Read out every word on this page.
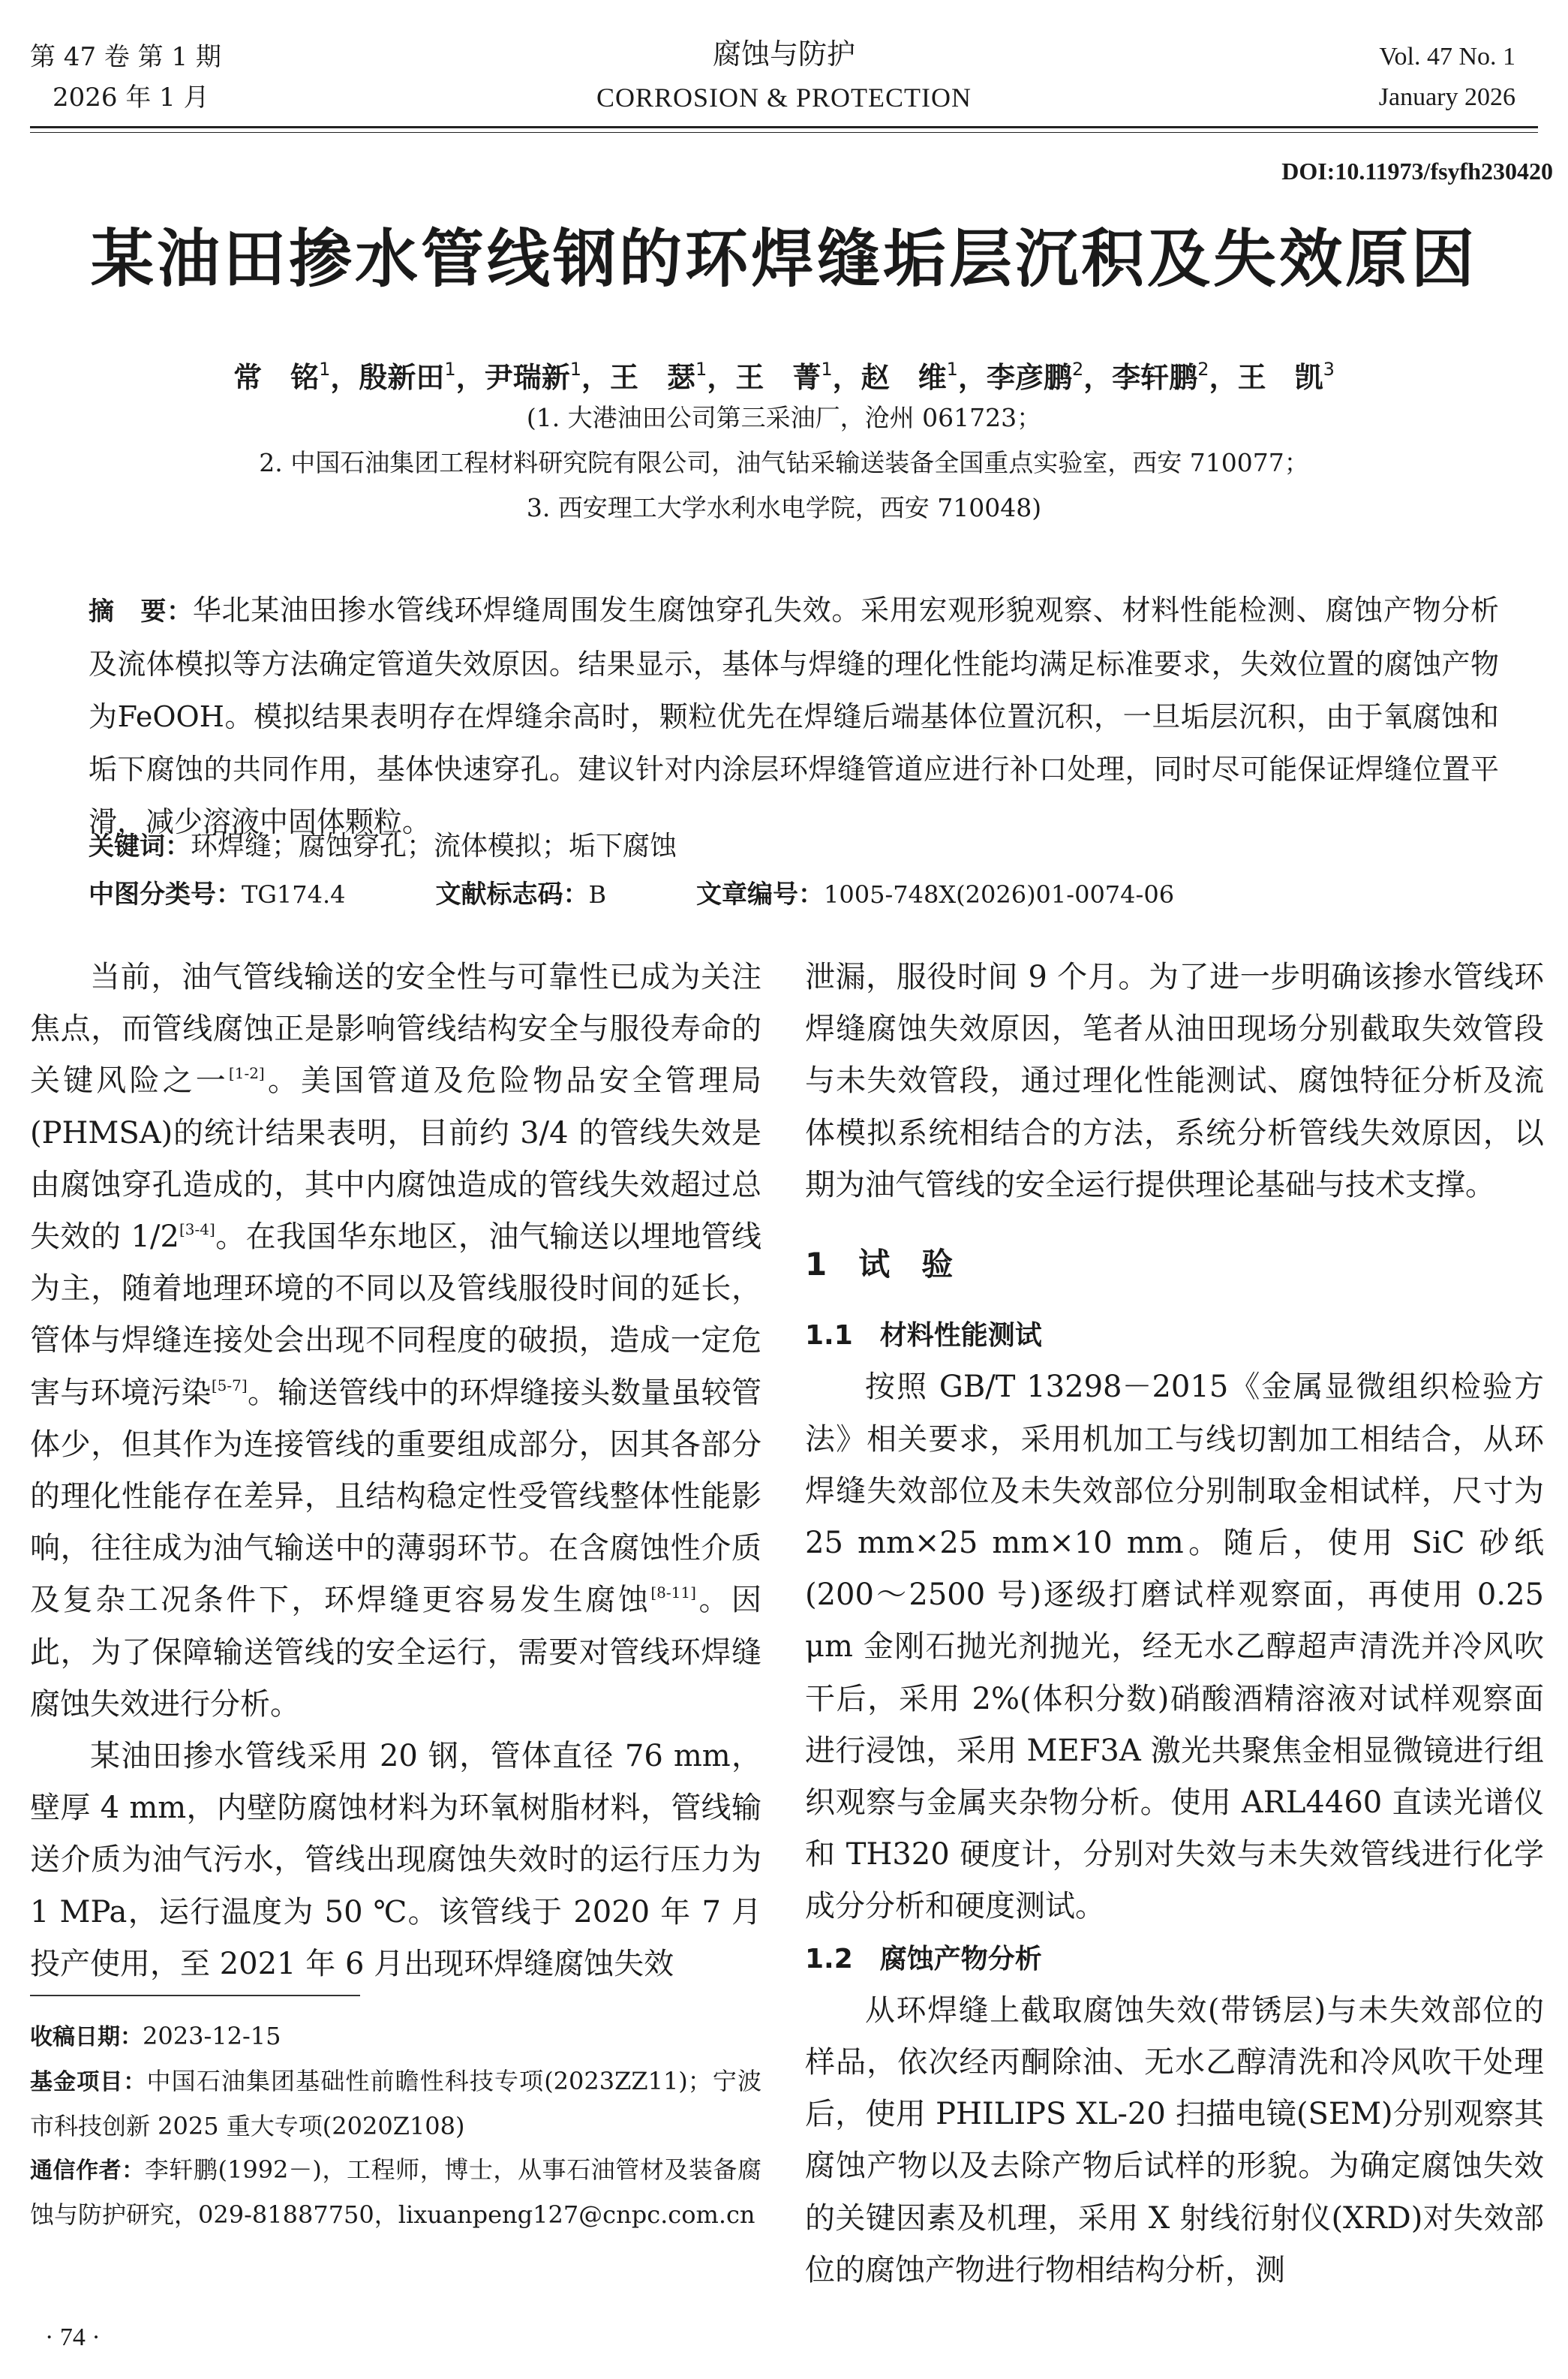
第 47 卷 第 1 期
2026 年 1 月
腐蚀与防护
CORROSION & PROTECTION
Vol. 47 No. 1
January 2026
DOI:10.11973/fsyfh230420
某油田掺水管线钢的环焊缝垢层沉积及失效原因
常　铭$^1$，殷新田$^1$，尹瑞新$^1$，王　瑟$^1$，王　菁$^1$，赵　维$^1$，李彦鹏$^2$，李轩鹏$^2$，王　凯$^3$
(1. 大港油田公司第三采油厂，沧州 061723；
2. 中国石油集团工程材料研究院有限公司，油气钻采输送装备全国重点实验室，西安 710077；
3. 西安理工大学水利水电学院，西安 710048)
摘　要：华北某油田掺水管线环焊缝周围发生腐蚀穿孔失效。采用宏观形貌观察、材料性能检测、腐蚀产物分析及流体模拟等方法确定管道失效原因。结果显示，基体与焊缝的理化性能均满足标准要求，失效位置的腐蚀产物为FeOOH。模拟结果表明存在焊缝余高时，颗粒优先在焊缝后端基体位置沉积，一旦垢层沉积，由于氧腐蚀和垢下腐蚀的共同作用，基体快速穿孔。建议针对内涂层环焊缝管道应进行补口处理，同时尽可能保证焊缝位置平滑，减少溶液中固体颗粒。
关键词：环焊缝；腐蚀穿孔；流体模拟；垢下腐蚀
中图分类号：TG174.4	文献标志码：B	文章编号：1005-748X(2026)01-0074-06

当前，油气管线输送的安全性与可靠性已成为关注焦点，而管线腐蚀正是影响管线结构安全与服役寿命的关键风险之一[1-2]。美国管道及危险物品安全管理局(PHMSA)的统计结果表明，目前约 3/4 的管线失效是由腐蚀穿孔造成的，其中内腐蚀造成的管线失效超过总失效的 1/2[3-4]。在我国华东地区，油气输送以埋地管线为主，随着地理环境的不同以及管线服役时间的延长，管体与焊缝连接处会出现不同程度的破损，造成一定危害与环境污染[5-7]。输送管线中的环焊缝接头数量虽较管体少，但其作为连接管线的重要组成部分，因其各部分的理化性能存在差异，且结构稳定性受管线整体性能影响，往往成为油气输送中的薄弱环节。在含腐蚀性介质及复杂工况条件下，环焊缝更容易发生腐蚀[8-11]。因此，为了保障输送管线的安全运行，需要对管线环焊缝腐蚀失效进行分析。

某油田掺水管线采用 20 钢，管体直径 76 mm，壁厚 4 mm，内壁防腐蚀材料为环氧树脂材料，管线输送介质为油气污水，管线出现腐蚀失效时的运行压力为 1 MPa，运行温度为 50 ℃。该管线于 2020 年 7 月投产使用，至 2021 年 6 月出现环焊缝腐蚀失效

泄漏，服役时间 9 个月。为了进一步明确该掺水管线环焊缝腐蚀失效原因，笔者从油田现场分别截取失效管段与未失效管段，通过理化性能测试、腐蚀特征分析及流体模拟系统相结合的方法，系统分析管线失效原因，以期为油气管线的安全运行提供理论基础与技术支撑。

1　试　验
1.1　材料性能测试

按照 GB/T 13298－2015《金属显微组织检验方法》相关要求，采用机加工与线切割加工相结合，从环焊缝失效部位及未失效部位分别制取金相试样，尺寸为 25 mm×25 mm×10 mm。随后，使用 SiC 砂纸(200～2500 号)逐级打磨试样观察面，再使用 0.25 μm 金刚石抛光剂抛光，经无水乙醇超声清洗并冷风吹干后，采用 2%(体积分数)硝酸酒精溶液对试样观察面进行浸蚀，采用 MEF3A 激光共聚焦金相显微镜进行组织观察与金属夹杂物分析。使用 ARL4460 直读光谱仪和 TH320 硬度计，分别对失效与未失效管线进行化学成分分析和硬度测试。

1.2　腐蚀产物分析

从环焊缝上截取腐蚀失效(带锈层)与未失效部位的样品，依次经丙酮除油、无水乙醇清洗和冷风吹干处理后，使用 PHILIPS XL-20 扫描电镜(SEM)分别观察其腐蚀产物以及去除产物后试样的形貌。为确定腐蚀失效的关键因素及机理，采用 X 射线衍射仪(XRD)对失效部位的腐蚀产物进行物相结构分析，测

收稿日期：2023-12-15

基金项目：中国石油集团基础性前瞻性科技专项(2023ZZ11)；宁波市科技创新 2025 重大专项(2020Z108)

通信作者：李轩鹏(1992－)，工程师，博士，从事石油管材及装备腐蚀与防护研究，029-81887750，lixuanpeng127@cnpc.com.cn

· 74 ·
